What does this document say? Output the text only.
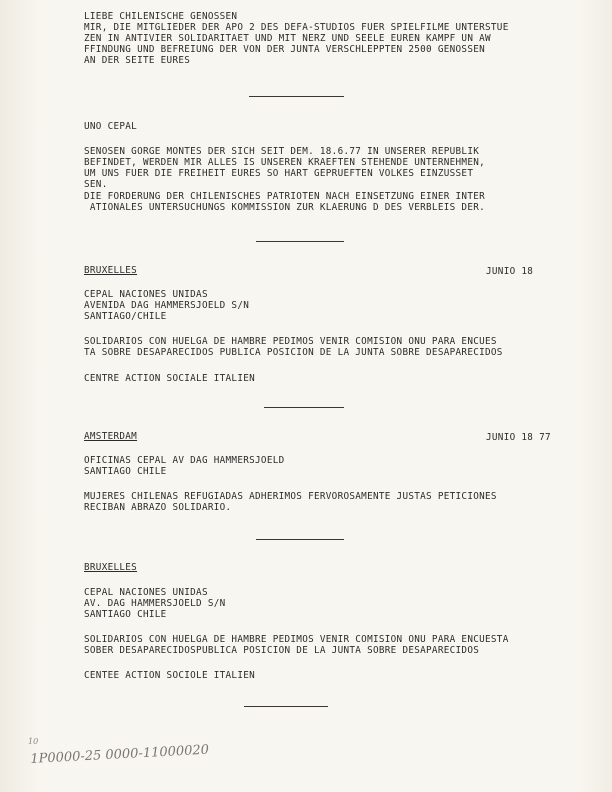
LIEBE CHILENISCHE GENOSSEN
MIR, DIE MITGLIEDER DER APO 2 DES DEFA-STUDIOS FUER SPIELFILME UNTERSTUE
ZEN IN ANTIVIER SOLIDARITAET UND MIT NERZ UND SEELE EUREN KAMPF UN AW
FFINDUNG UND BEFREIUNG DER VON DER JUNTA VERSCHLEPPTEN 2500 GENOSSEN
AN DER SEITE EURES
UNO CEPAL
SENOSEN GORGE MONTES DER SICH SEIT DEM. 18.6.77 IN UNSERER REPUBLIK
BEFINDET, WERDEN MIR ALLES IS UNSEREN KRAEFTEN STEHENDE UNTERNEHMEN,
UM UNS FUER DIE FREIHEIT EURES SO HART GEPRUEFTEN VOLKES EINZUSSET
SEN.
DIE FORDERUNG DER CHILENISCHES PATRIOTEN NACH EINSETZUNG EINER INTER
ATIONALES UNTERSUCHUNGS KOMMISSION ZUR KLAERUNG D DES VERBLEIS DER.
BRUXELLES	JUNIO 18
CEPAL NACIONES UNIDAS
AVENIDA DAG HAMMERSJOELD S/N
SANTIAGO/CHILE
SOLIDARIOS CON HUELGA DE HAMBRE PEDIMOS VENIR COMISION ONU PARA ENCUES
TA SOBRE DESAPARECIDOS PUBLICA POSICION DE LA JUNTA SOBRE DESAPARECIDOS
CENTRE ACTION SOCIALE ITALIEN
AMSTERDAM	JUNIO 18 77
OFICINAS CEPAL AV DAG HAMMERSJOELD
SANTIAGO CHILE
MUJERES CHILENAS REFUGIADAS ADHERIMOS FERVOROSAMENTE JUSTAS PETICIONES
RECIBAN ABRAZO SOLIDARIO.
BRUXELLES
CEPAL NACIONES UNIDAS
AV. DAG HAMMERSJOELD S/N
SANTIAGO CHILE
SOLIDARIOS CON HUELGA DE HAMBRE PEDIMOS VENIR COMISION ONU PARA ENCUESTA
SOBER DESAPARECIDOSPUBLICA POSICION DE LA JUNTA SOBRE DESAPARECIDOS
CENTEE ACTION SOCIOLE ITALIEN
10
1P0000-25 0000-11000020
